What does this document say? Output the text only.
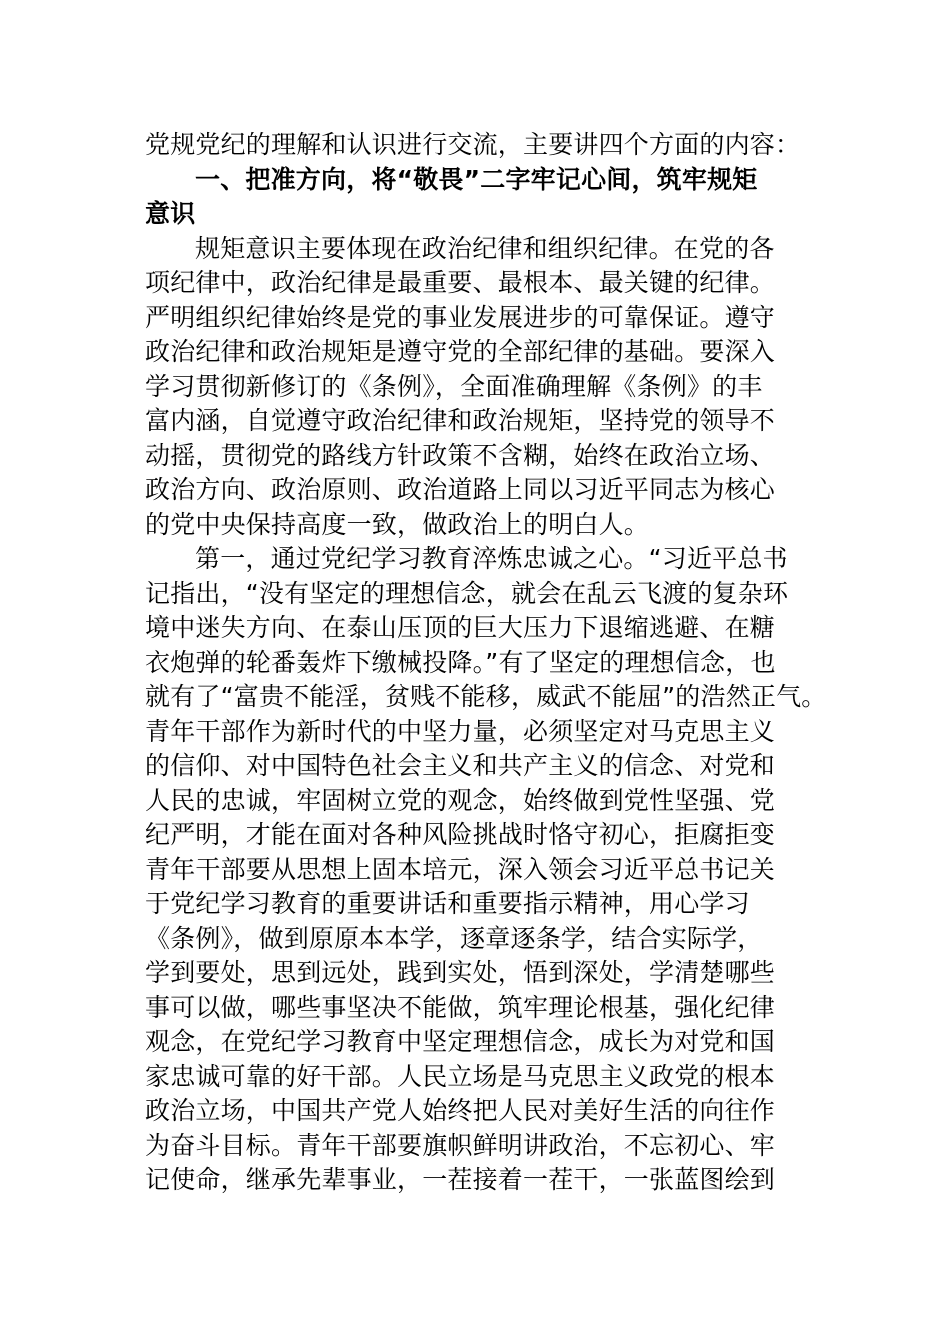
党规党纪的理解和认识进行交流，主要讲四个方面的内容：
一、把准方向，将“敬畏”二字牢记心间，筑牢规矩
意识
规矩意识主要体现在政治纪律和组织纪律。在党的各
项纪律中，政治纪律是最重要、最根本、最关键的纪律。
严明组织纪律始终是党的事业发展进步的可靠保证。遵守
政治纪律和政治规矩是遵守党的全部纪律的基础。要深入
学习贯彻新修订的《条例》，全面准确理解《条例》的丰
富内涵，自觉遵守政治纪律和政治规矩，坚持党的领导不
动摇，贯彻党的路线方针政策不含糊，始终在政治立场、
政治方向、政治原则、政治道路上同以习近平同志为核心
的党中央保持高度一致，做政治上的明白人。
第一，通过党纪学习教育淬炼忠诚之心。“习近平总书
记指出，“没有坚定的理想信念，就会在乱云飞渡的复杂环
境中迷失方向、在泰山压顶的巨大压力下退缩逃避、在糖
衣炮弹的轮番轰炸下缴械投降。”有了坚定的理想信念，也
就有了“富贵不能淫，贫贱不能移，威武不能屈”的浩然正气。
青年干部作为新时代的中坚力量，必须坚定对马克思主义
的信仰、对中国特色社会主义和共产主义的信念、对党和
人民的忠诚，牢固树立党的观念，始终做到党性坚强、党
纪严明，才能在面对各种风险挑战时恪守初心，拒腐拒变
青年干部要从思想上固本培元，深入领会习近平总书记关
于党纪学习教育的重要讲话和重要指示精神，用心学习
《条例》，做到原原本本学，逐章逐条学，结合实际学，
学到要处，思到远处，践到实处，悟到深处，学清楚哪些
事可以做，哪些事坚决不能做，筑牢理论根基，强化纪律
观念，在党纪学习教育中坚定理想信念，成长为对党和国
家忠诚可靠的好干部。人民立场是马克思主义政党的根本
政治立场，中国共产党人始终把人民对美好生活的向往作
为奋斗目标。青年干部要旗帜鲜明讲政治，不忘初心、牢
记使命，继承先辈事业，一茬接着一茬干，一张蓝图绘到
